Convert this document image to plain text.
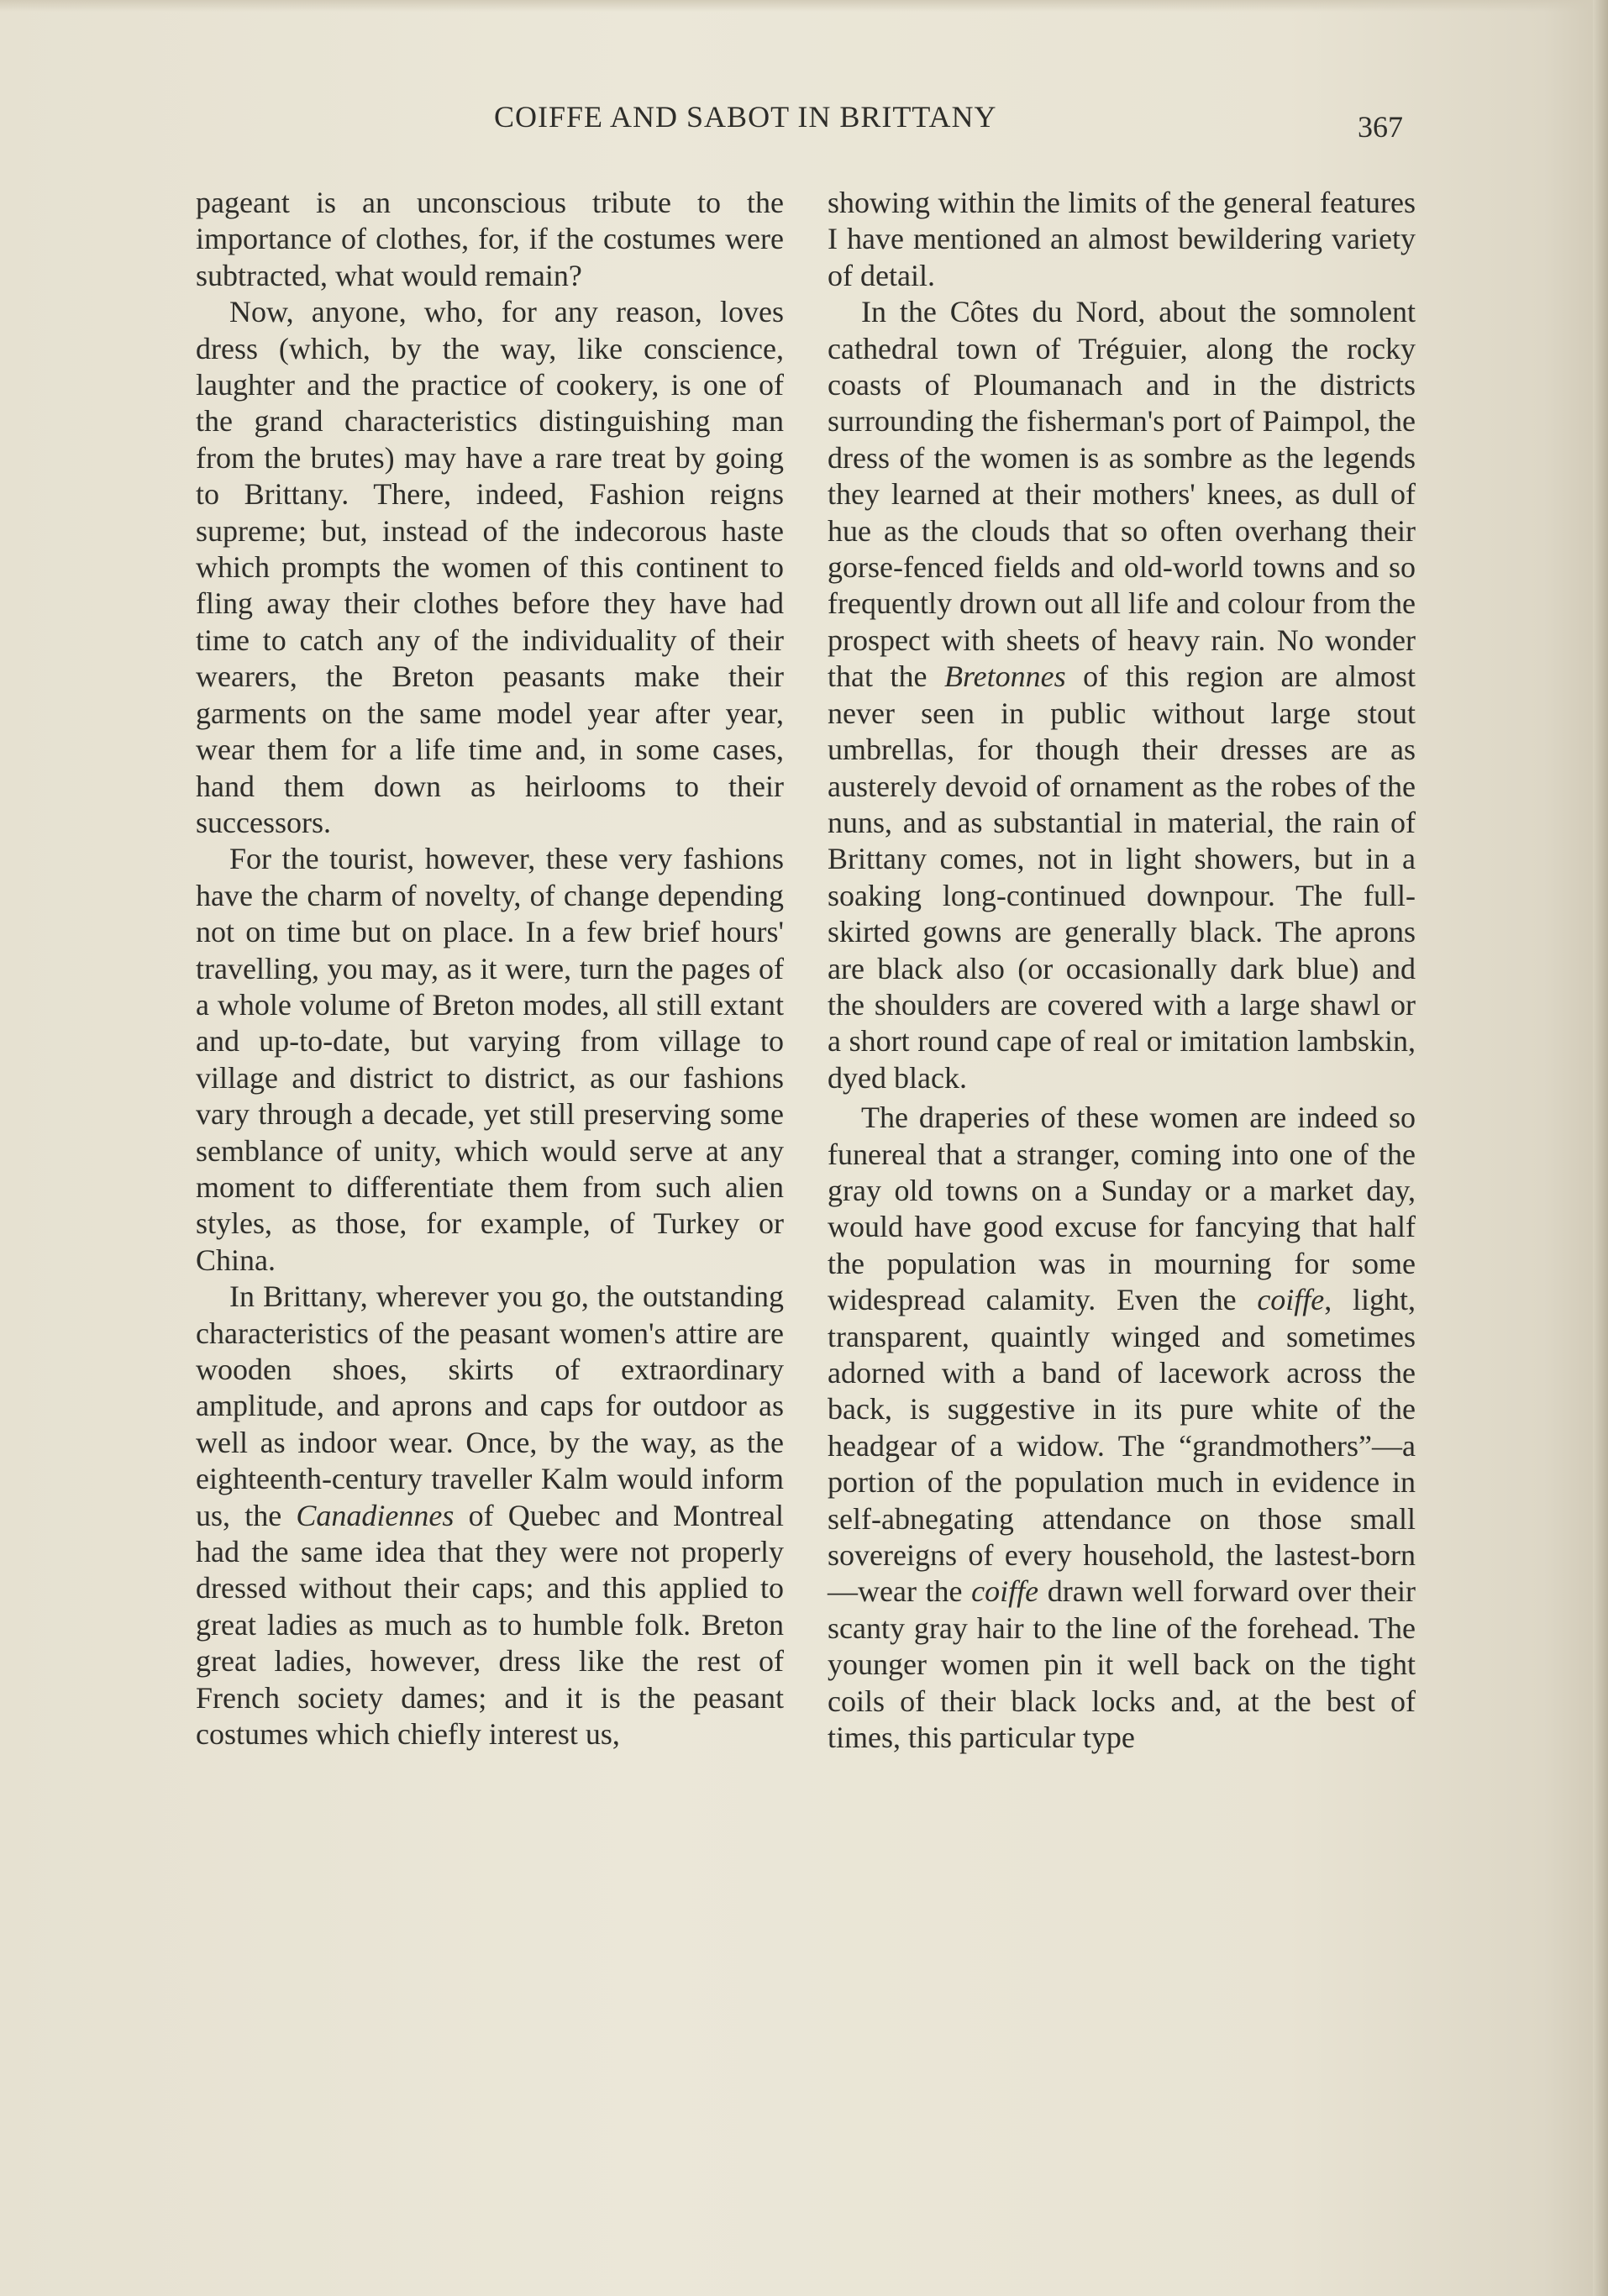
COIFFE AND SABOT IN BRITTANY	367

pageant is an unconscious tribute to the importance of clothes, for, if the costumes were subtracted, what would remain?

Now, anyone, who, for any reason, loves dress (which, by the way, like conscience, laughter and the practice of cookery, is one of the grand characteristics distinguishing man from the brutes) may have a rare treat by going to Brittany. There, indeed, Fashion reigns supreme; but, instead of the indecorous haste which prompts the women of this continent to fling away their clothes before they have had time to catch any of the individuality of their wearers, the Breton peasants make their garments on the same model year after year, wear them for a life time and, in some cases, hand them down as heirlooms to their successors.

For the tourist, however, these very fashions have the charm of novelty, of change depending not on time but on place. In a few brief hours' travelling, you may, as it were, turn the pages of a whole volume of Breton modes, all still extant and up-to-date, but varying from village to village and district to district, as our fashions vary through a decade, yet still preserving some semblance of unity, which would serve at any moment to differentiate them from such alien styles, as those, for example, of Turkey or China.

In Brittany, wherever you go, the outstanding characteristics of the peasant women's attire are wooden shoes, skirts of extraordinary amplitude, and aprons and caps for outdoor as well as indoor wear. Once, by the way, as the eighteenth-century traveller Kalm would inform us, the Canadiennes of Quebec and Montreal had the same idea that they were not properly dressed without their caps; and this applied to great ladies as much as to humble folk. Breton great ladies, however, dress like the rest of French society dames; and it is the peasant costumes which chiefly interest us,

showing within the limits of the general features I have mentioned an almost bewildering variety of detail.

In the Côtes du Nord, about the somnolent cathedral town of Tréguier, along the rocky coasts of Ploumanach and in the districts surrounding the fisherman's port of Paimpol, the dress of the women is as sombre as the legends they learned at their mothers' knees, as dull of hue as the clouds that so often overhang their gorse-fenced fields and old-world towns and so frequently drown out all life and colour from the prospect with sheets of heavy rain. No wonder that the Bretonnes of this region are almost never seen in public without large stout umbrellas, for though their dresses are as austerely devoid of ornament as the robes of the nuns, and as substantial in material, the rain of Brittany comes, not in light showers, but in a soaking long-continued downpour. The full-skirted gowns are generally black. The aprons are black also (or occasionally dark blue) and the shoulders are covered with a large shawl or a short round cape of real or imitation lambskin, dyed black.

The draperies of these women are indeed so funereal that a stranger, coming into one of the gray old towns on a Sunday or a market day, would have good excuse for fancying that half the population was in mourning for some widespread calamity. Even the coiffe, light, transparent, quaintly winged and sometimes adorned with a band of lacework across the back, is suggestive in its pure white of the headgear of a widow. The “grandmothers”—a portion of the population much in evidence in self-abnegating attendance on those small sovereigns of every household, the lastest-born—wear the coiffe drawn well forward over their scanty gray hair to the line of the forehead. The younger women pin it well back on the tight coils of their black locks and, at the best of times, this particular type
